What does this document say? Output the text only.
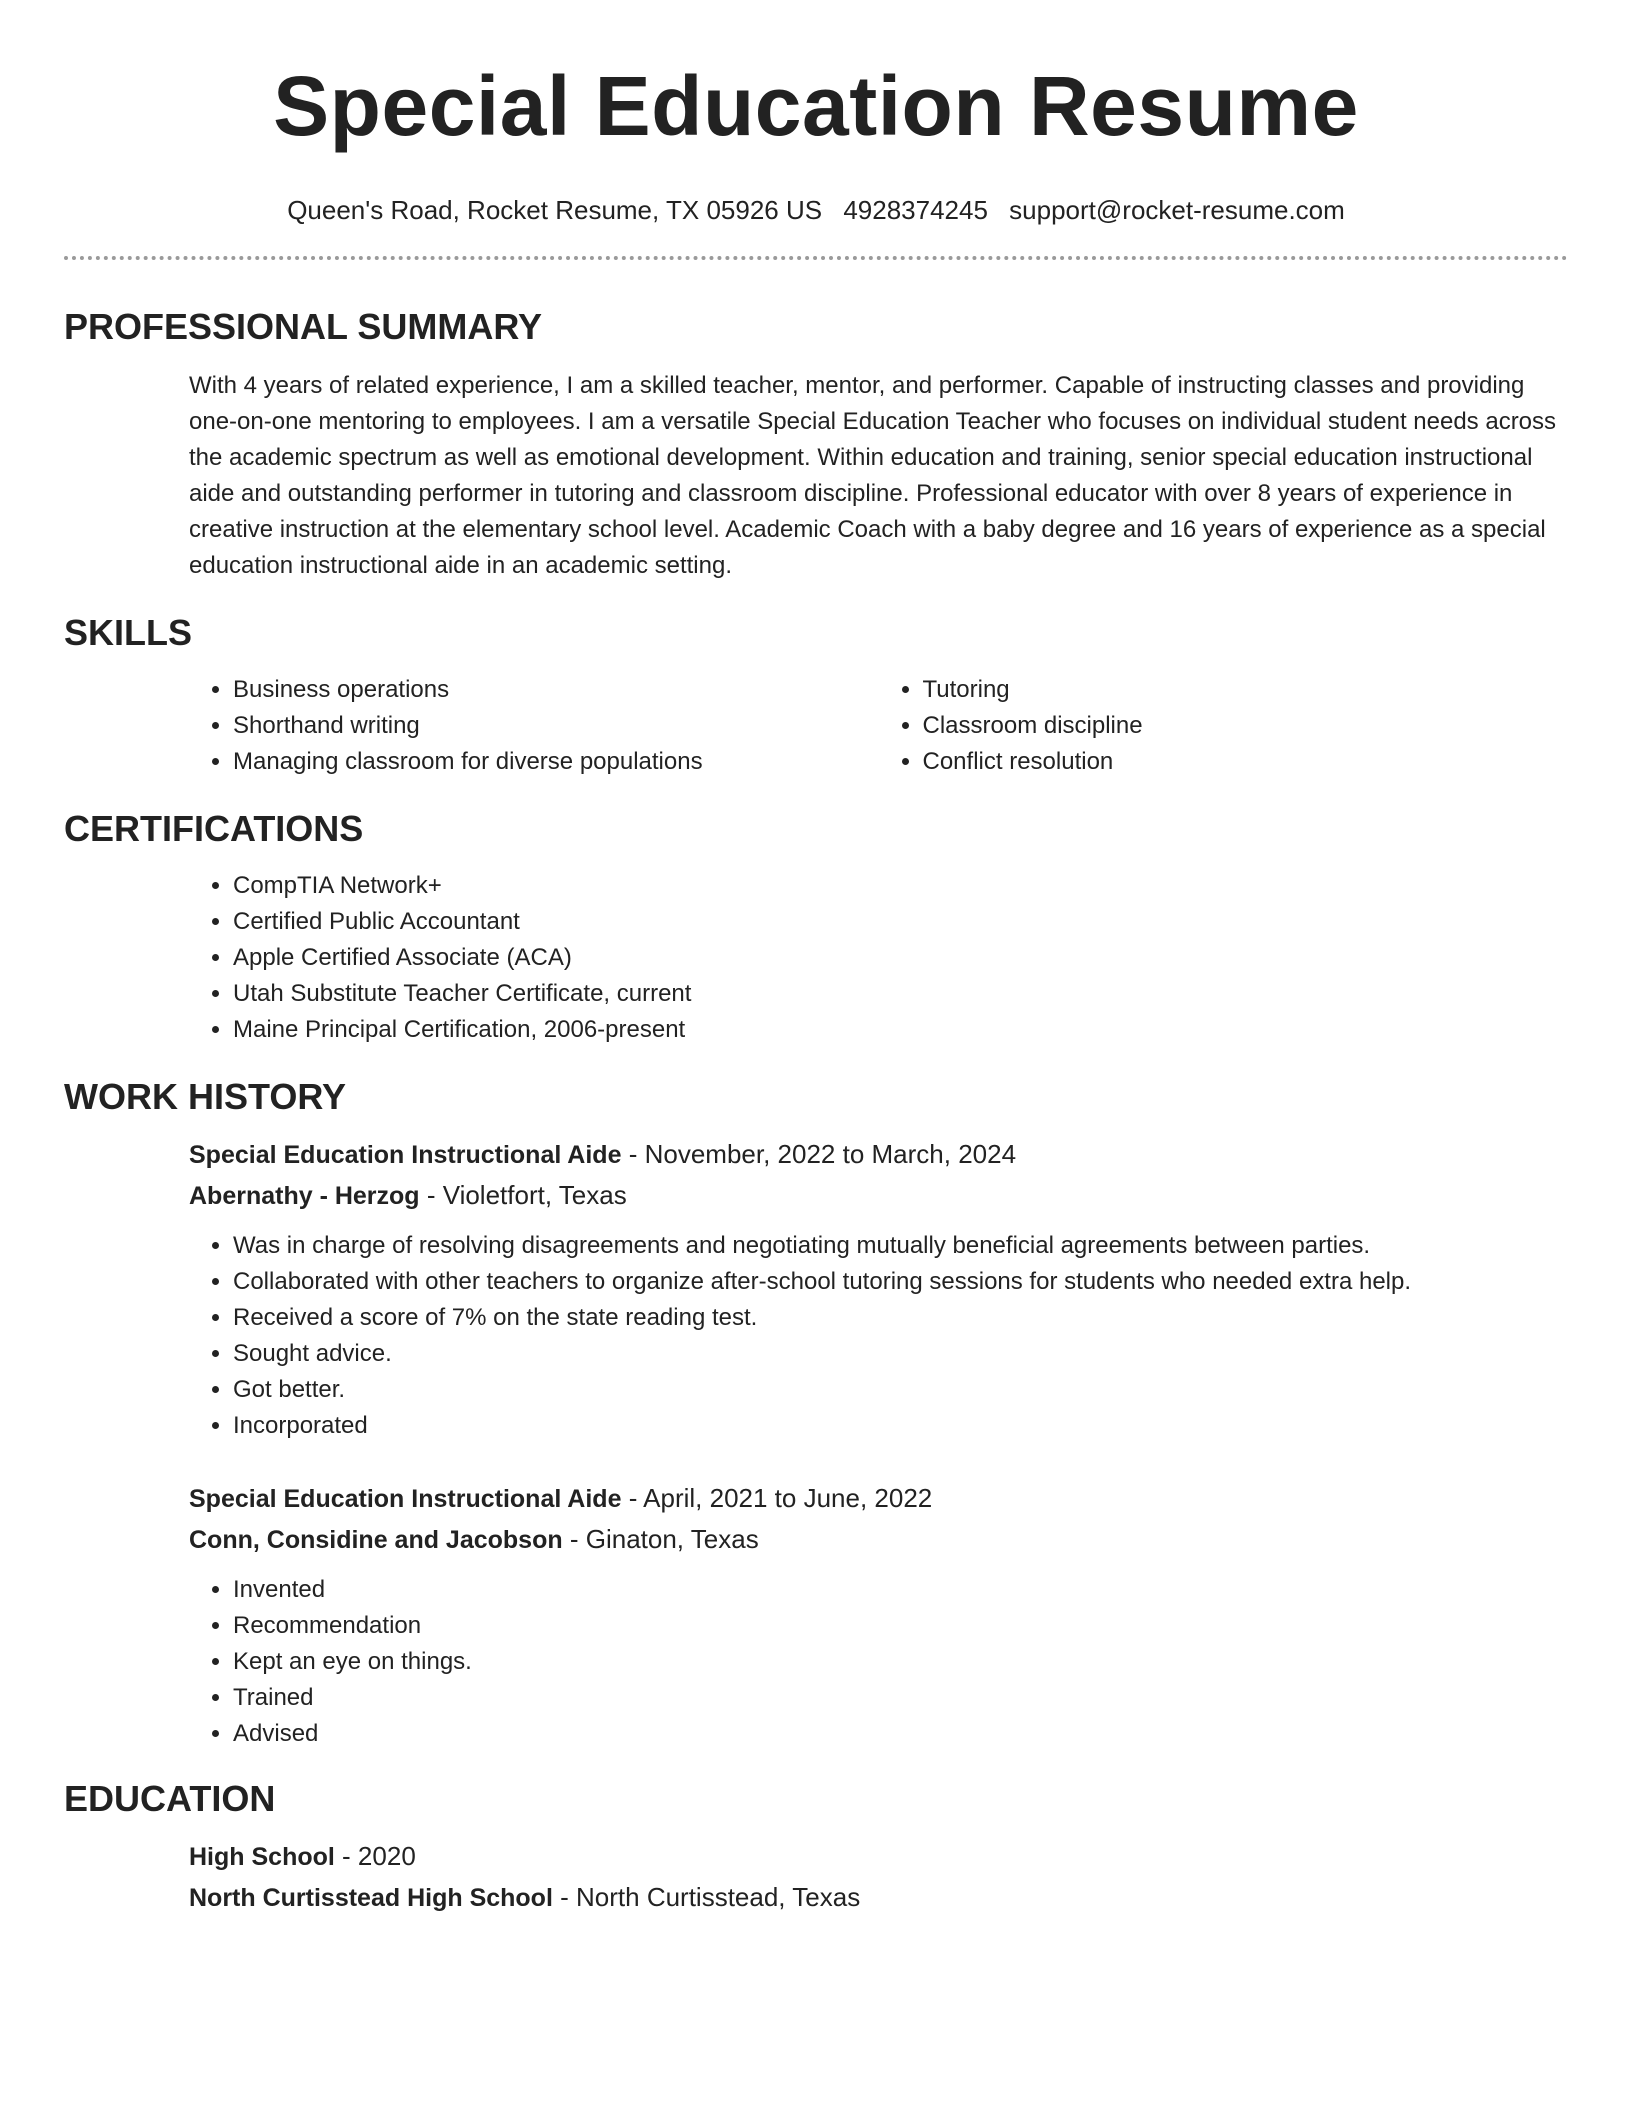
Special Education Resume
Queen's Road, Rocket Resume, TX 05926 US 4928374245 support@rocket-resume.com
PROFESSIONAL SUMMARY

With 4 years of related experience, I am a skilled teacher, mentor, and performer. Capable of instructing classes and providing one-on-one mentoring to employees. I am a versatile Special Education Teacher who focuses on individual student needs across the academic spectrum as well as emotional development. Within education and training, senior special education instructional aide and outstanding performer in tutoring and classroom discipline. Professional educator with over 8 years of experience in creative instruction at the elementary school level. Academic Coach with a baby degree and 16 years of experience as a special education instructional aide in an academic setting.

SKILLS
• Business operations
• Shorthand writing
• Managing classroom for diverse populations
• Tutoring
• Classroom discipline
• Conflict resolution
CERTIFICATIONS
• CompTIA Network+
• Certified Public Accountant
• Apple Certified Associate (ACA)
• Utah Substitute Teacher Certificate, current
• Maine Principal Certification, 2006-present
WORK HISTORY
Special Education Instructional Aide - November, 2022 to March, 2024
Abernathy - Herzog - Violetfort, Texas
• Was in charge of resolving disagreements and negotiating mutually beneficial agreements between parties.
• Collaborated with other teachers to organize after-school tutoring sessions for students who needed extra help.
• Received a score of 7% on the state reading test.
• Sought advice.
• Got better.
• Incorporated
Special Education Instructional Aide - April, 2021 to June, 2022
Conn, Considine and Jacobson - Ginaton, Texas
• Invented
• Recommendation
• Kept an eye on things.
• Trained
• Advised
EDUCATION
High School - 2020
North Curtisstead High School - North Curtisstead, Texas
